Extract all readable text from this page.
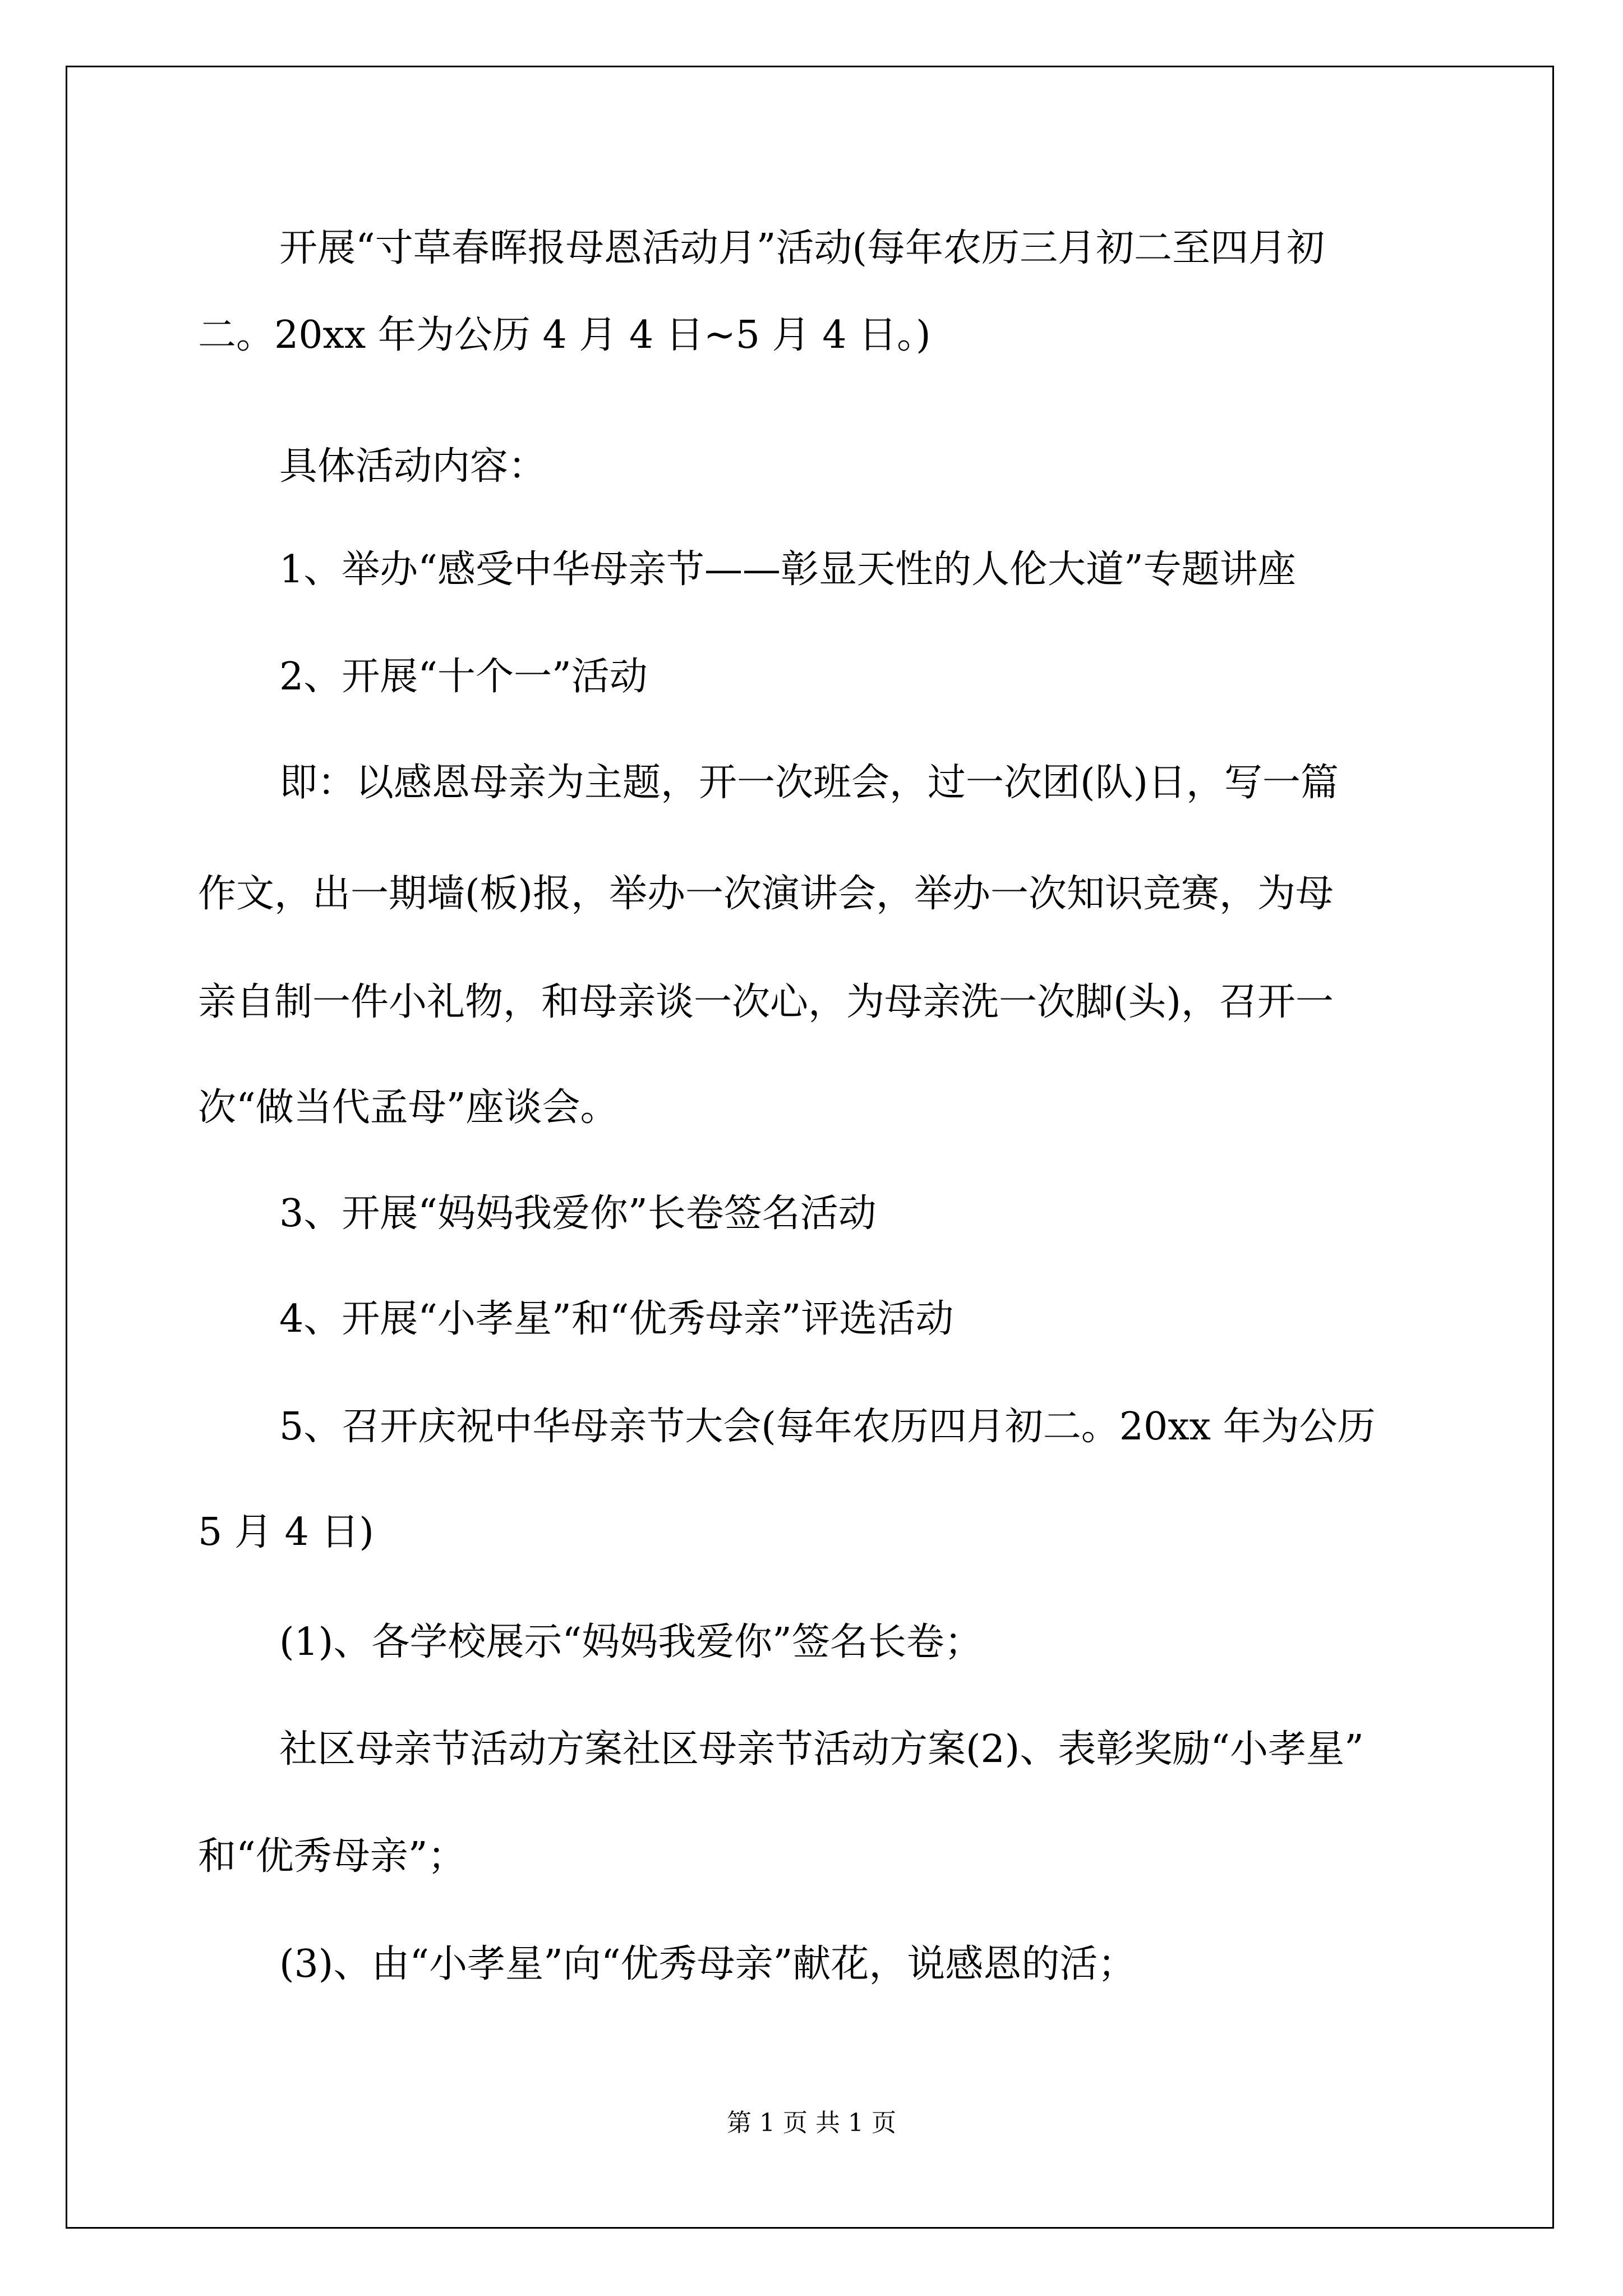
开展“寸草春晖报母恩活动月”活动(每年农历三月初二至四月初
二。20xx 年为公历 4 月 4 日~5 月 4 日。)
具体活动内容：
1、举办“感受中华母亲节——彰显天性的人伦大道”专题讲座
2、开展“十个一”活动
即：以感恩母亲为主题，开一次班会，过一次团(队)日，写一篇
作文，出一期墙(板)报，举办一次演讲会，举办一次知识竞赛，为母
亲自制一件小礼物，和母亲谈一次心，为母亲洗一次脚(头)，召开一
次“做当代孟母”座谈会。
3、开展“妈妈我爱你”长卷签名活动
4、开展“小孝星”和“优秀母亲”评选活动
5、召开庆祝中华母亲节大会(每年农历四月初二。20xx 年为公历
5 月 4 日)
(1)、各学校展示“妈妈我爱你”签名长卷；
社区母亲节活动方案社区母亲节活动方案(2)、表彰奖励“小孝星”
和“优秀母亲”；
(3)、由“小孝星”向“优秀母亲”献花，说感恩的活；
第 1 页 共 1 页
